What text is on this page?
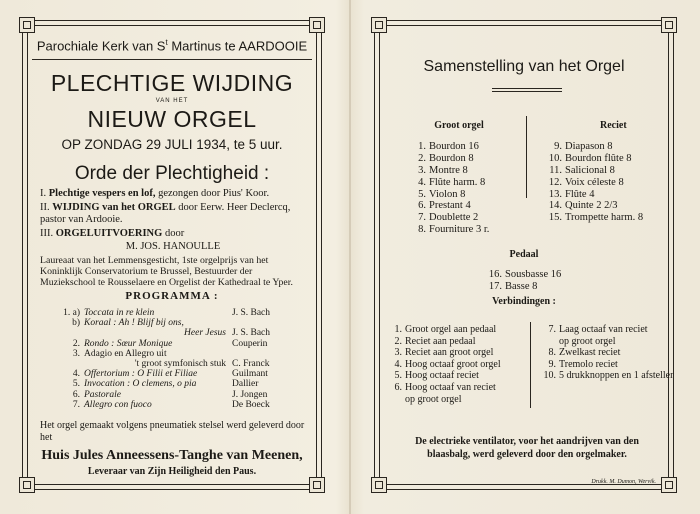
Parochiale Kerk van $S^t$ Martinus te AARDOOIE
PLECHTIGE WIJDING
VAN HET
NIEUW ORGEL
OP ZONDAG 29 JULI 1934, te 5 uur.
Orde der Plechtigheid :
I. Plechtige vespers en lof, gezongen door Pius' Koor.
II. WIJDING van het ORGEL door Eerw. Heer Declercq, pastor van Ardooie.
III. ORGELUITVOERING door
M. JOS. HANOULLE
Laureaat van het Lemmensgesticht, 1ste orgelprijs van het Koninklijk Conservatorium te Brussel, Bestuurder der Muziekschool te Rousselaere en Orgelist der Kathedraal te Yper.
PROGRAMMA :
1. a) Toccata in re klein	J. S. Bach
b) Koraal : Ah ! Blijf bij ons,
Heer Jesus J. S. Bach
2. Rondo : Sœur Monique	Couperin
3. Adagio en Allegro uit
't groot symfonisch stuk C. Franck
4. Offertorium : O Filii et Filiae	Guilmant
5. Invocation : O clemens, o pia	Dallier
6. Pastorale	J. Jongen
7. Allegro con fuoco	De Boeck
Het orgel gemaakt volgens pneumatiek stelsel werd geleverd door het
Huis Jules Anneessens-Tanghe van Meenen,
Leveraar van Zijn Heiligheid den Paus.
Samenstelling van het Orgel
Groot orgel
1. Bourdon 16
2. Bourdon 8
3. Montre 8
4. Flûte harm. 8
5. Violon 8
6. Prestant 4
7. Doublette 2
8. Fourniture 3 r.
Reciet
9. Diapason 8
10. Bourdon flûte 8
11. Salicional 8
12. Voix céleste 8
13. Flûte 4
14. Quinte 2 2/3
15. Trompette harm. 8
Pedaal
16. Sousbasse 16
17. Basse 8
Verbindingen :
1. Groot orgel aan pedaal
2. Reciet aan pedaal
3. Reciet aan groot orgel
4. Hoog octaaf groot orgel
5. Hoog octaaf reciet
6. Hoog octaaf van reciet
op groot orgel
7. Laag octaaf van reciet
op groot orgel
8. Zwelkast reciet
9. Tremolo reciet
10. 5 drukknoppen en 1 afsteller
De electrieke ventilator, voor het aandrijven van den blaasbalg, werd geleverd door den orgelmaker.
Drukk. M. Dumon, Wervik.
